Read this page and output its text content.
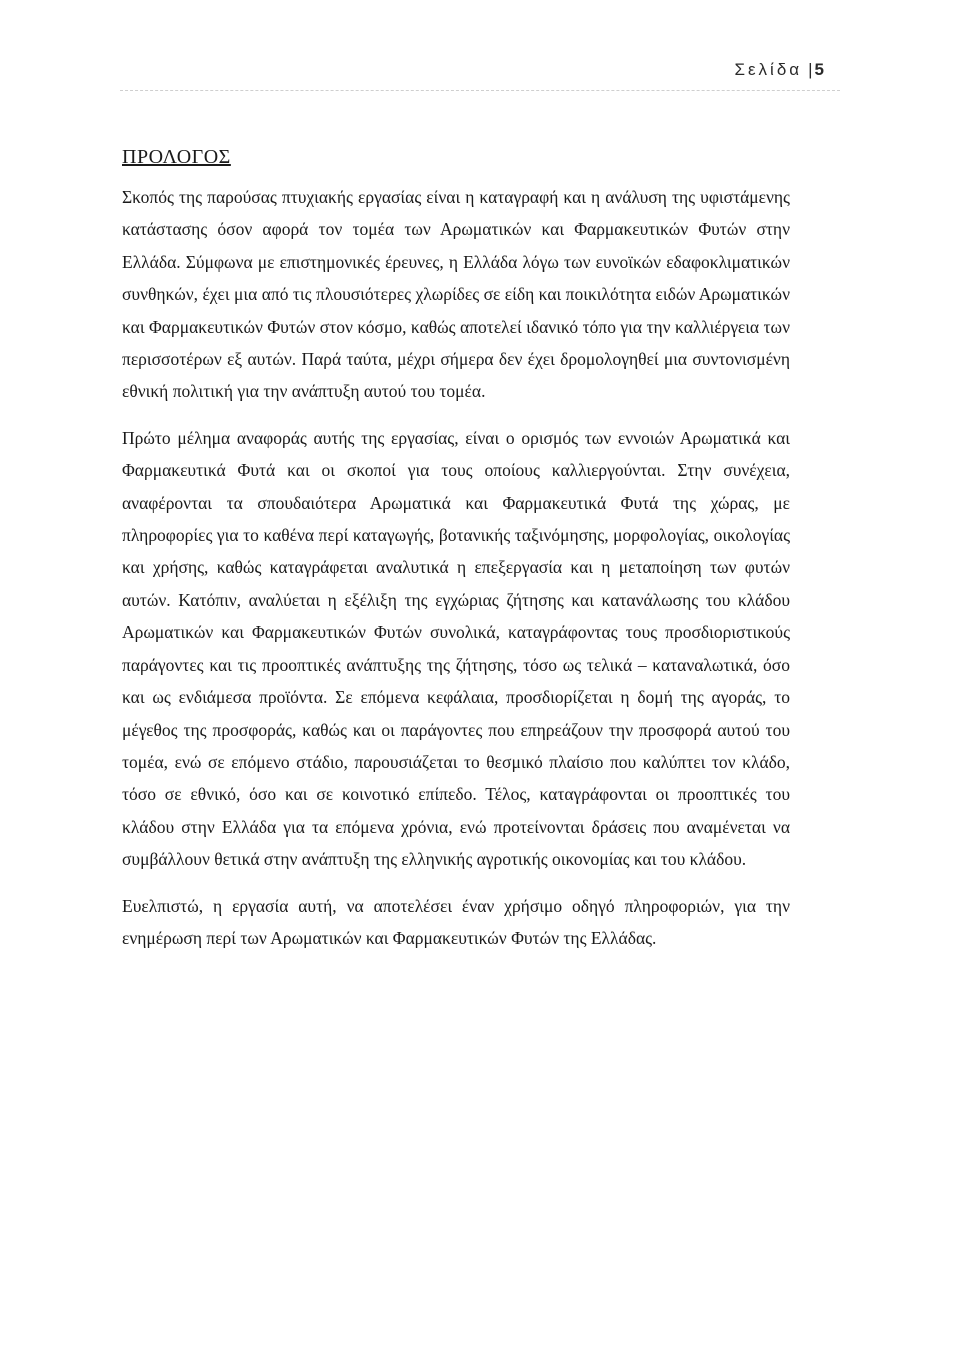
Σελίδα | 5
ΠΡΟΛΟΓΟΣ

Σκοπός της παρούσας πτυχιακής εργασίας είναι η καταγραφή και η ανάλυση της υφιστάμενης κατάστασης όσον αφορά τον τομέα των Αρωματικών και Φαρμακευτικών Φυτών στην Ελλάδα. Σύμφωνα με επιστημονικές έρευνες, η Ελλάδα λόγω των ευνοϊκών εδαφοκλιματικών συνθηκών, έχει μια από τις πλουσιότερες χλωρίδες σε είδη και ποικιλότητα ειδών Αρωματικών και Φαρμακευτικών Φυτών στον κόσμο, καθώς αποτελεί ιδανικό τόπο για την καλλιέργεια των περισσοτέρων εξ αυτών. Παρά ταύτα, μέχρι σήμερα δεν έχει δρομολογηθεί μια συντονισμένη εθνική πολιτική για την ανάπτυξη αυτού του τομέα.

Πρώτο μέλημα αναφοράς αυτής της εργασίας, είναι ο ορισμός των εννοιών Αρωματικά και Φαρμακευτικά Φυτά και οι σκοποί για τους οποίους καλλιεργούνται. Στην συνέχεια, αναφέρονται τα σπουδαιότερα Αρωματικά και Φαρμακευτικά Φυτά της χώρας, με πληροφορίες για το καθένα περί καταγωγής, βοτανικής ταξινόμησης, μορφολογίας, οικολογίας και χρήσης, καθώς καταγράφεται αναλυτικά η επεξεργασία και η μεταποίηση των φυτών αυτών. Κατόπιν, αναλύεται η εξέλιξη της εγχώριας ζήτησης και κατανάλωσης του κλάδου Αρωματικών και Φαρμακευτικών Φυτών συνολικά, καταγράφοντας τους προσδιοριστικούς παράγοντες και τις προοπτικές ανάπτυξης της ζήτησης, τόσο ως τελικά – καταναλωτικά, όσο και ως ενδιάμεσα προϊόντα. Σε επόμενα κεφάλαια, προσδιορίζεται η δομή της αγοράς, το μέγεθος της προσφοράς, καθώς και οι παράγοντες που επηρεάζουν την προσφορά αυτού του τομέα, ενώ σε επόμενο στάδιο, παρουσιάζεται το θεσμικό πλαίσιο που καλύπτει τον κλάδο, τόσο σε εθνικό, όσο και σε κοινοτικό επίπεδο. Τέλος, καταγράφονται οι προοπτικές του κλάδου στην Ελλάδα για τα επόμενα χρόνια, ενώ προτείνονται δράσεις που αναμένεται να συμβάλλουν θετικά στην ανάπτυξη της ελληνικής αγροτικής οικονομίας και του κλάδου.

Ευελπιστώ, η εργασία αυτή, να αποτελέσει έναν χρήσιμο οδηγό πληροφοριών, για την ενημέρωση περί των Αρωματικών και Φαρμακευτικών Φυτών της Ελλάδας.
